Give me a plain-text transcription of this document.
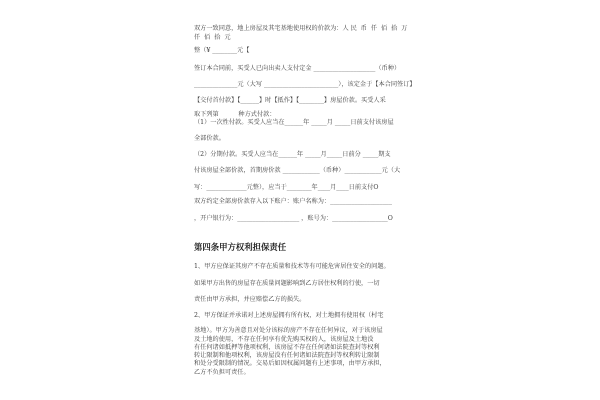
双方一致同意，地上房屋及其宅基地使用权的价款为：人 民  币  仟  佰  拾  万
仟  佰  拾  元
整（¥ ________元【
签订本合同前，买受人已向出卖人支付定金 ____________________（币种）
______________元（大写 ________________________），该定金于【本合同签订】
【交付首付款】【______】时【抵作】【________】房屋价款。买受人采
取下列第          种方式付款：
（1）一次性付款。买受人应当在______年 _____月 _____日前支付该房屋
全部价款。
（2）分期付款。买受人应当在______年 _____月_____日前分 _____期支
付该房屋全部价款，首期房价款 ____________（币种）____________元（大
写：_____________元整），应当于________年____月____日前支付O
双方约定全部房价款存入以下账户：账户名称为：____________________
，开户银行为：____________________ ，账号为：__________________O
第四条甲方权利担保责任
1、甲方应保证其房产不存在质量和技术等有可能危害居住安全的问题。
如果甲方出售的房屋存在质量问题影响到乙方居住权利的行使，一切
责任由甲方承担，并应赔偿乙方的损失。
2、甲方保证并承诺对上述房屋拥有所有权，对土地拥有使用权（村宅
基地）。甲方为善意且对处分该标的房产不存在任何异议，对于该房屋
及土地的使用，不存在任何享有优先购买权的人，该房屋及土地没
有任何诸如抵押等他项权利，该房屋不存在任何诸如法院查封等权利
转让限制和他项权利，该房屋没有任何诸如法院查封等权利转让限制
和处分受限制的情况。交易后如因权属问题有上述事项，由甲方承担，
乙方不负担可责任。
